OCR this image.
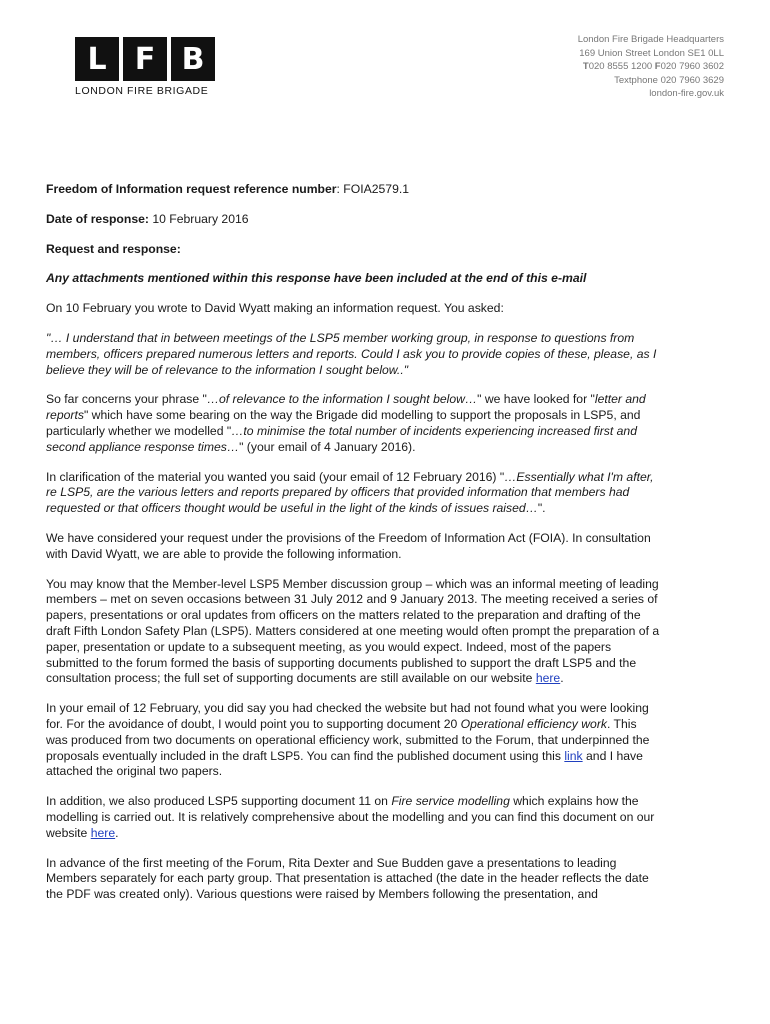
L F B
LONDON FIRE BRIGADE
London Fire Brigade Headquarters
169 Union Street London SE1 0LL
T020 8555 1200 F020 7960 3602
Textphone 020 7960 3629
london-fire.gov.uk

Freedom of Information request reference number: FOIA2579.1

Date of response: 10 February 2016

Request and response:

Any attachments mentioned within this response have been included at the end of this e-mail

On 10 February you wrote to David Wyatt making an information request. You asked:

"… I understand that in between meetings of the LSP5 member working group, in response to questions from members, officers prepared numerous letters and reports. Could I ask you to provide copies of these, please, as I believe they will be of relevance to the information I sought below.."

So far concerns your phrase "…of relevance to the information I sought below…" we have looked for "letter and reports" which have some bearing on the way the Brigade did modelling to support the proposals in LSP5, and particularly whether we modelled "…to minimise the total number of incidents experiencing increased first and second appliance response times…" (your email of 4 January 2016).

In clarification of the material you wanted you said (your email of 12 February 2016) "…Essentially what I'm after, re LSP5, are the various letters and reports prepared by officers that provided information that members had requested or that officers thought would be useful in the light of the kinds of issues raised…".

We have considered your request under the provisions of the Freedom of Information Act (FOIA). In consultation with David Wyatt, we are able to provide the following information.

You may know that the Member-level LSP5 Member discussion group – which was an informal meeting of leading members – met on seven occasions between 31 July 2012 and 9 January 2013. The meeting received a series of papers, presentations or oral updates from officers on the matters related to the preparation and drafting of the draft Fifth London Safety Plan (LSP5). Matters considered at one meeting would often prompt the preparation of a paper, presentation or update to a subsequent meeting, as you would expect. Indeed, most of the papers submitted to the forum formed the basis of supporting documents published to support the draft LSP5 and the consultation process; the full set of supporting documents are still available on our website here.

In your email of 12 February, you did say you had checked the website but had not found what you were looking for. For the avoidance of doubt, I would point you to supporting document 20 Operational efficiency work. This was produced from two documents on operational efficiency work, submitted to the Forum, that underpinned the proposals eventually included in the draft LSP5. You can find the published document using this link and I have attached the original two papers.

In addition, we also produced LSP5 supporting document 11 on Fire service modelling which explains how the modelling is carried out. It is relatively comprehensive about the modelling and you can find this document on our website here.

In advance of the first meeting of the Forum, Rita Dexter and Sue Budden gave a presentations to leading Members separately for each party group. That presentation is attached (the date in the header reflects the date the PDF was created only). Various questions were raised by Members following the presentation, and
